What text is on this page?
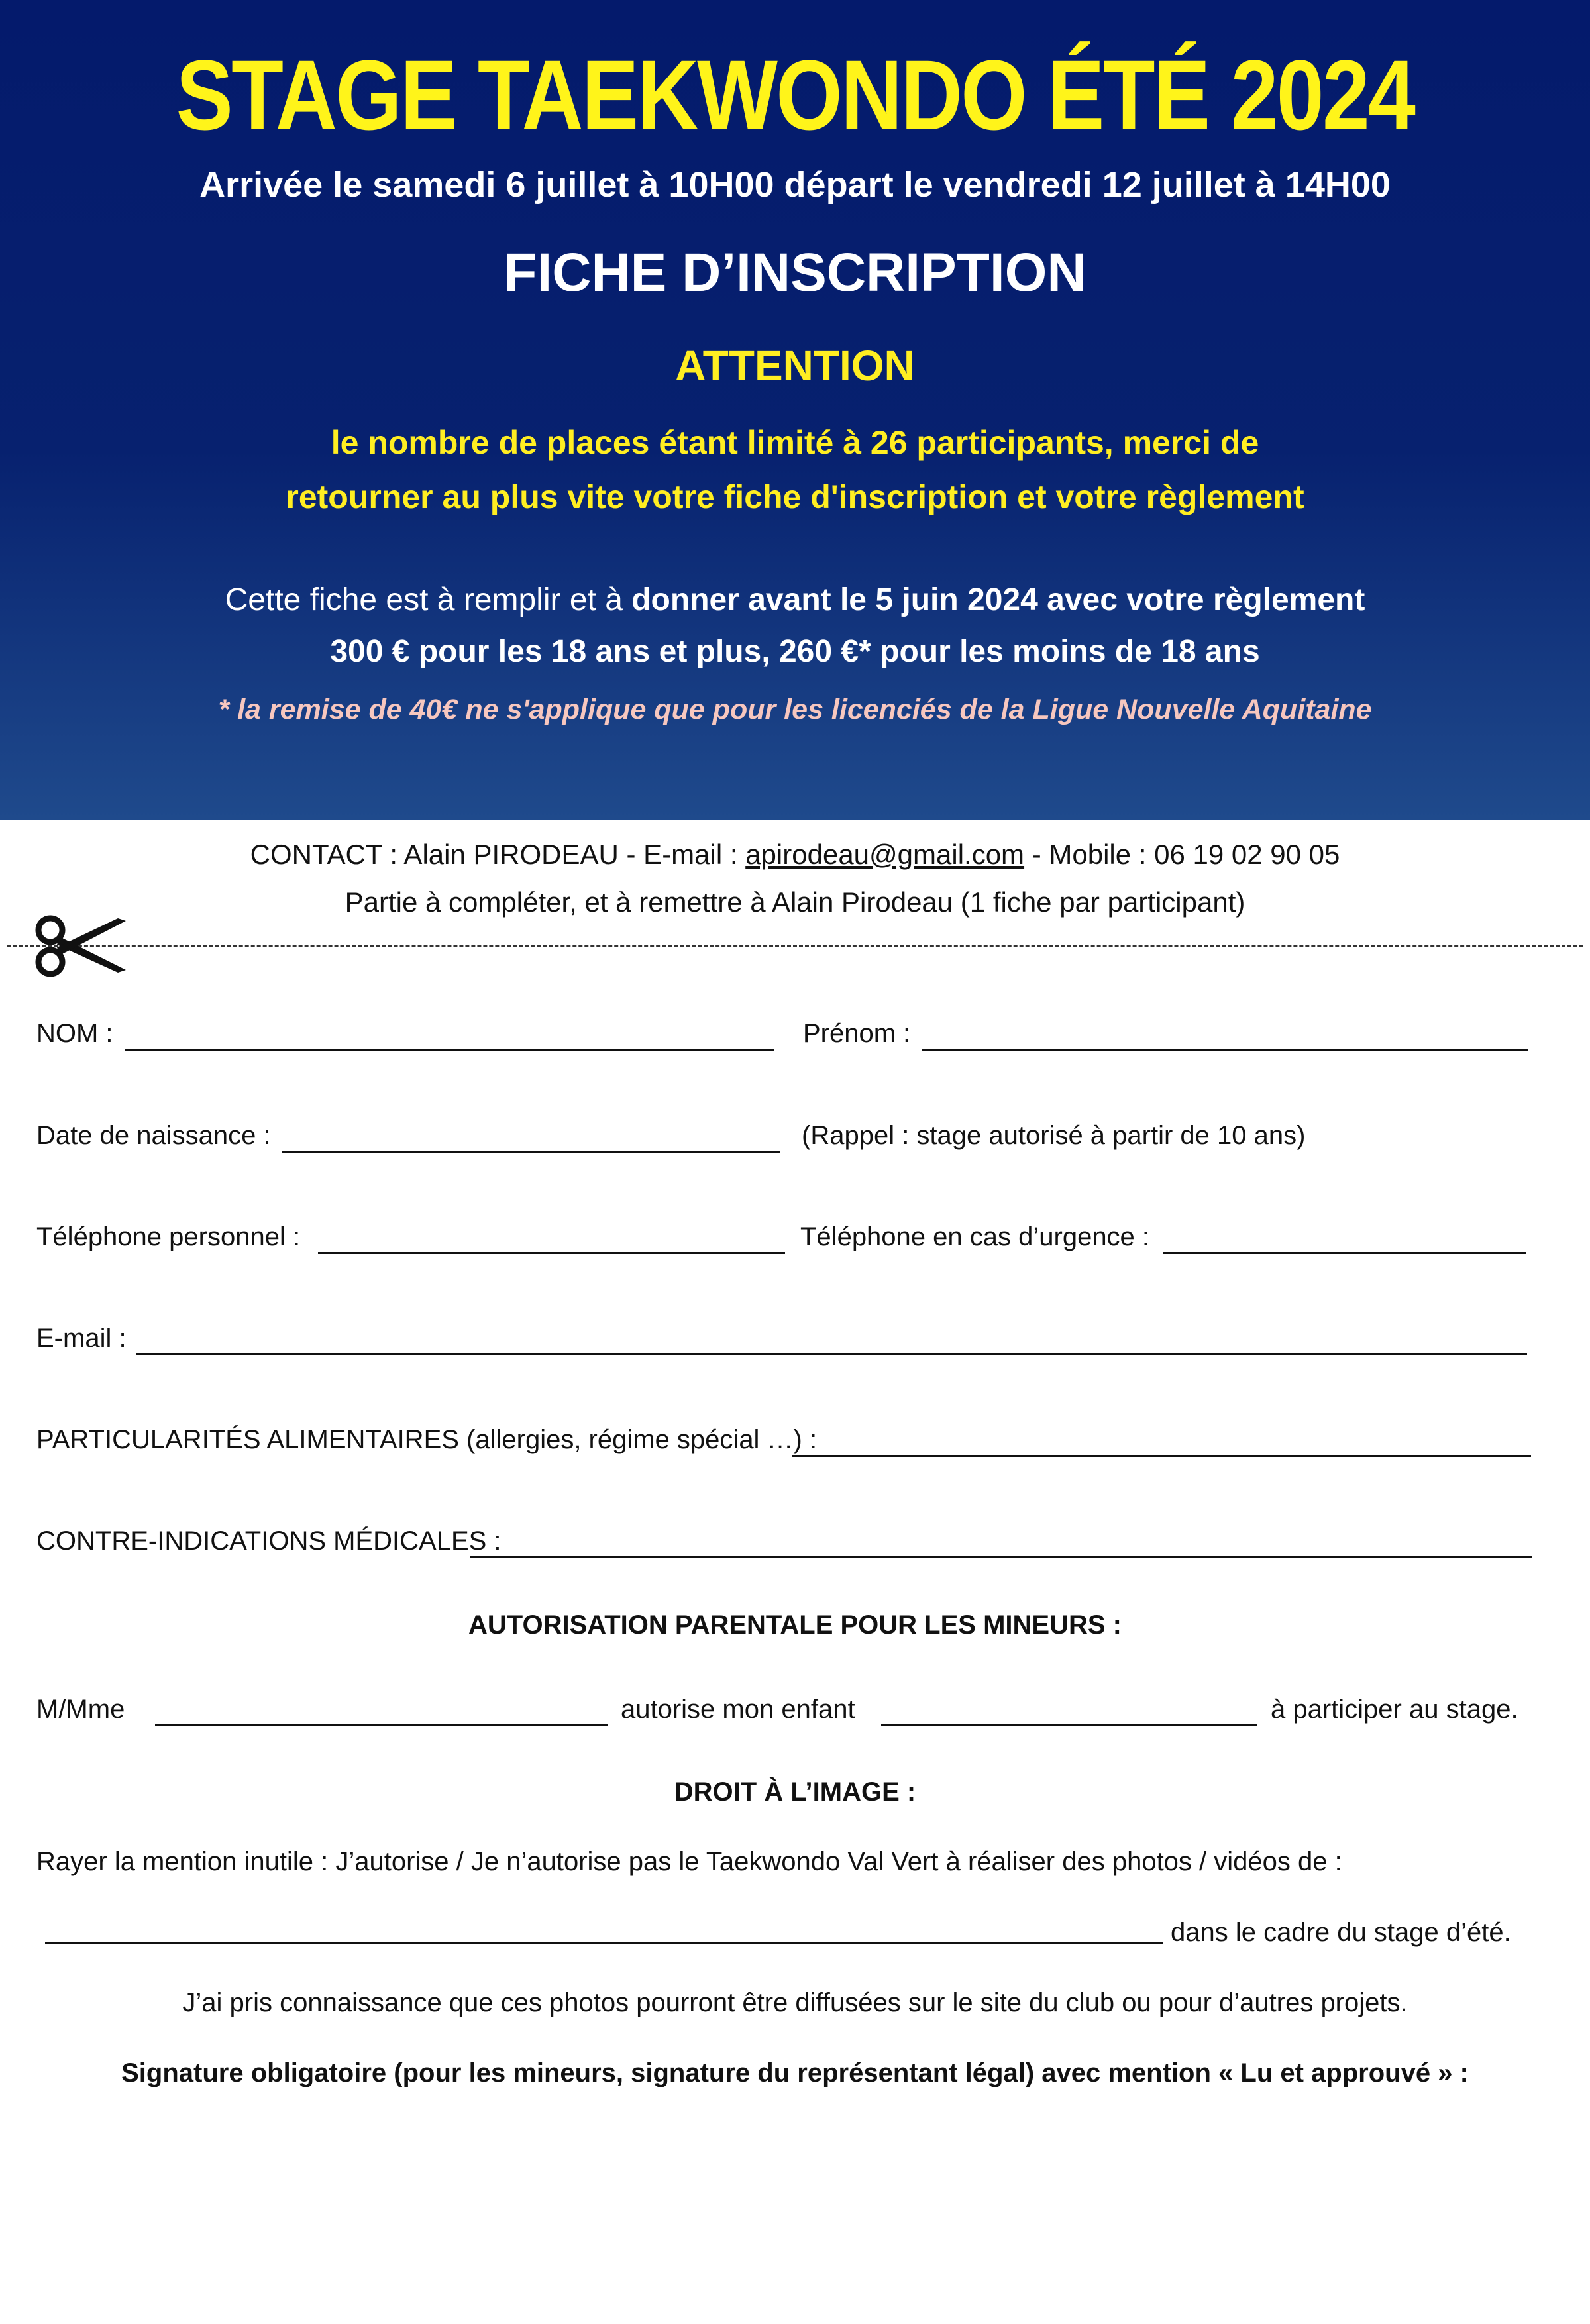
STAGE TAEKWONDO ÉTÉ 2024
Arrivée le samedi 6 juillet à 10H00 départ le vendredi 12 juillet à 14H00
FICHE D’INSCRIPTION
ATTENTION
le nombre de places étant limité à 26 participants, merci de
retourner au plus vite votre fiche d'inscription et votre règlement
Cette fiche est à remplir et à donner avant le 5 juin 2024 avec votre règlement
300 € pour les 18 ans et plus, 260 €* pour les moins de 18 ans
* la remise de 40€ ne s'applique que pour les licenciés de la Ligue Nouvelle Aquitaine
CONTACT : Alain PIRODEAU - E-mail : apirodeau@gmail.com - Mobile : 06 19 02 90 05
Partie à compléter, et à remettre à Alain Pirodeau (1 fiche par participant)
NOM :	Prénom :
Date de naissance :	(Rappel : stage autorisé à partir de 10 ans)
Téléphone personnel :	Téléphone en cas d’urgence :
E-mail :
PARTICULARITÉS ALIMENTAIRES (allergies, régime spécial …) :
CONTRE-INDICATIONS MÉDICALES :
AUTORISATION PARENTALE POUR LES MINEURS :
M/Mme	autorise mon enfant	à participer au stage.
DROIT À L’IMAGE :
Rayer la mention inutile : J’autorise / Je n’autorise pas le Taekwondo Val Vert à réaliser des photos / vidéos de :
dans le cadre du stage d’été.
J’ai pris connaissance que ces photos pourront être diffusées sur le site du club ou pour d’autres projets.
Signature obligatoire (pour les mineurs, signature du représentant légal) avec mention « Lu et approuvé » :
